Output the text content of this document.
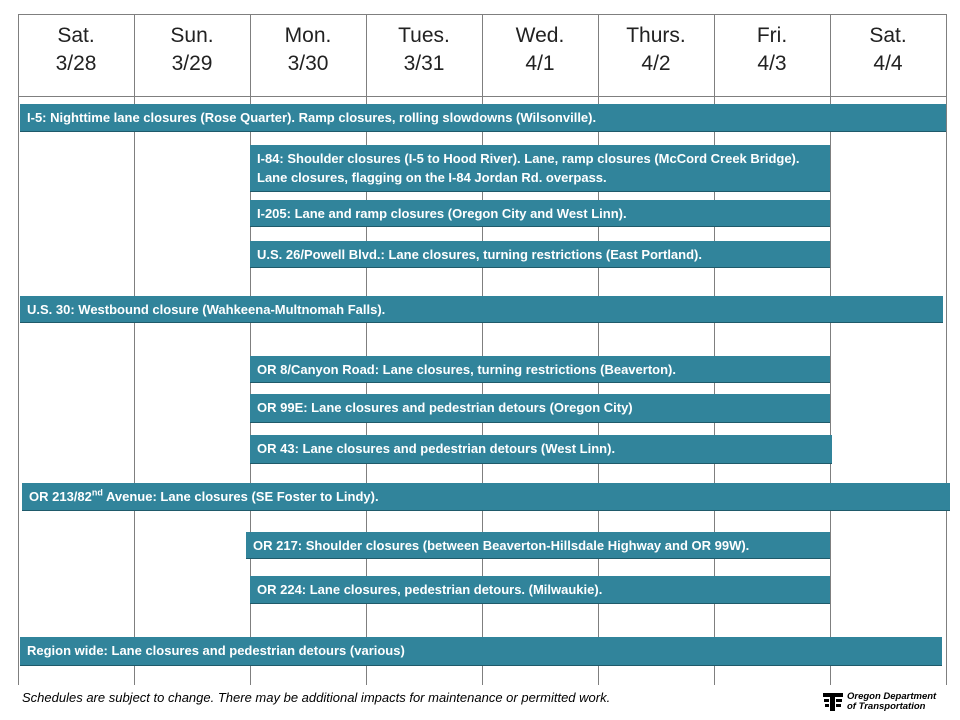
Sat.
3/28
Sun.
3/29
Mon.
3/30
Tues.
3/31
Wed.
4/1
Thurs.
4/2
Fri.
4/3
Sat.
4/4
I-5: Nighttime lane closures (Rose Quarter). Ramp closures, rolling slowdowns (Wilsonville).
I-84: Shoulder closures (I-5 to Hood River). Lane, ramp closures (McCord Creek Bridge). Lane closures, flagging on the I-84 Jordan Rd. overpass.
I-205: Lane and ramp closures (Oregon City and West Linn).
U.S. 26/Powell Blvd.: Lane closures, turning restrictions (East Portland).
U.S. 30: Westbound closure (Wahkeena-Multnomah Falls).
OR 8/Canyon Road: Lane closures, turning restrictions (Beaverton).
OR 99E: Lane closures and pedestrian detours (Oregon City)
OR 43: Lane closures and pedestrian detours (West Linn).
OR 213/82nd Avenue: Lane closures (SE Foster to Lindy).
OR 217: Shoulder closures (between Beaverton-Hillsdale Highway and OR 99W).
OR 224: Lane closures, pedestrian detours. (Milwaukie).
Region wide: Lane closures and pedestrian detours (various)
Schedules are subject to change. There may be additional impacts for maintenance or permitted work.	Oregon Department
of Transportation
